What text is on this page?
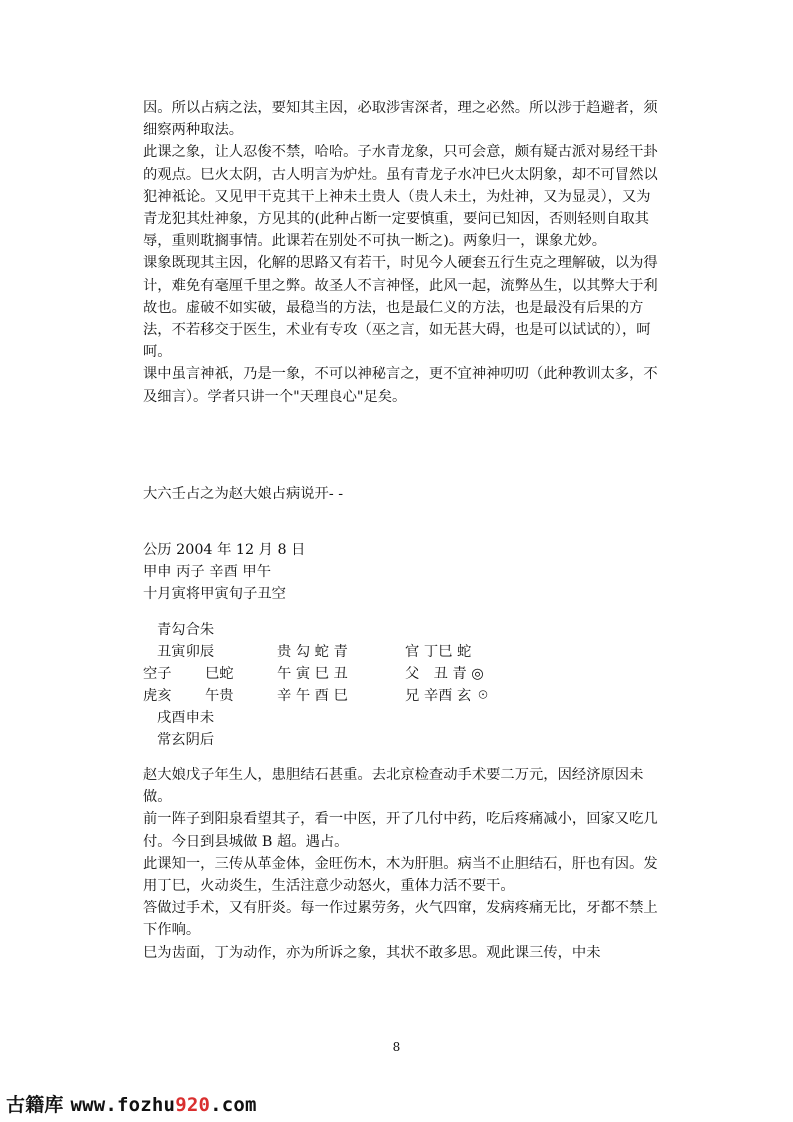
因。所以占病之法，要知其主因，必取涉害深者，理之必然。所以涉于趋避者，须细察两种取法。

此课之象，让人忍俊不禁，哈哈。子水青龙象，只可会意，颇有疑古派对易经干卦的观点。巳火太阴，古人明言为炉灶。虽有青龙子水冲巳火太阴象，却不可冒然以犯神祗论。又见甲干克其干上神未土贵人（贵人未土，为灶神，又为显灵），又为青龙犯其灶神象，方见其的(此种占断一定要慎重，要问已知因，否则轻则自取其辱，重则耽搁事情。此课若在别处不可执一断之)。两象归一，课象尤妙。

课象既现其主因，化解的思路又有若干，时见今人硬套五行生克之理解破，以为得计，难免有毫厘千里之弊。故圣人不言神怪，此风一起，流弊丛生，以其弊大于利故也。虚破不如实破，最稳当的方法，也是最仁义的方法，也是最没有后果的方法，不若移交于医生，术业有专攻（巫之言，如无甚大碍，也是可以试试的），呵呵。

课中虽言神祇，乃是一象，不可以神秘言之，更不宜神神叨叨（此种教训太多，不及细言）。学者只讲一个"天理良心"足矣。

大六壬占之为赵大娘占病说开- -
公历 2004 年 12 月 8 日
甲申 丙子 辛酉 甲午
十月寅将甲寅旬子丑空
青勾合朱
丑寅卯辰
空子 巳蛇
虎亥 午贵
戌酉申未
常玄阴后
贵 勾 蛇 青
午 寅 巳 丑
辛 午 酉 巳
官 丁巳 蛇
父　丑 青 ◎
兄 辛酉 玄 ☉

赵大娘戊子年生人，患胆结石甚重。去北京检查动手术要二万元，因经济原因未做。

前一阵子到阳泉看望其子，看一中医，开了几付中药，吃后疼痛减小，回家又吃几

付。今日到县城做 B 超。遇占。

此课知一，三传从革金体，金旺伤木，木为肝胆。病当不止胆结石，肝也有因。发

用丁巳，火动炎生，生活注意少动怒火，重体力活不要干。

答做过手术，又有肝炎。每一作过累劳务，火气四窜，发病疼痛无比，牙都不禁上

下作响。

巳为齿面，丁为动作，亦为所诉之象，其状不敢多思。观此课三传，中未

8
古籍库 www.fozhu920.com
